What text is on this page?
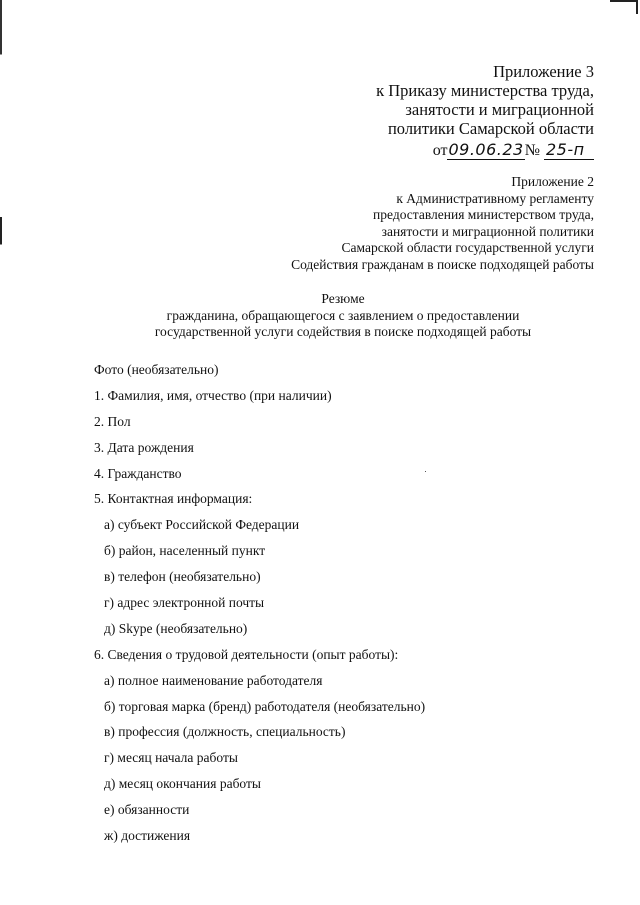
Приложение 3
к Приказу министерства труда,
занятости и миграционной
политики Самарской области
от09.06.23№ 25-п
Приложение 2
к Административному регламенту
предоставления министерством труда,
занятости и миграционной политики
Самарской области государственной услуги
Содействия гражданам в поиске подходящей работы
Резюме
гражданина, обращающегося с заявлением о предоставлении
государственной услуги содействия в поиске подходящей работы
Фото (необязательно)
1. Фамилия, имя, отчество (при наличии)
2. Пол
3. Дата рождения
4. Гражданство
5. Контактная информация:
а) субъект Российской Федерации
б) район, населенный пункт
в) телефон (необязательно)
г) адрес электронной почты
д) Skype (необязательно)
6. Сведения о трудовой деятельности (опыт работы):
а) полное наименование работодателя
б) торговая марка (бренд) работодателя (необязательно)
в) профессия (должность, специальность)
г) месяц начала работы
д) месяц окончания работы
е) обязанности
ж) достижения
